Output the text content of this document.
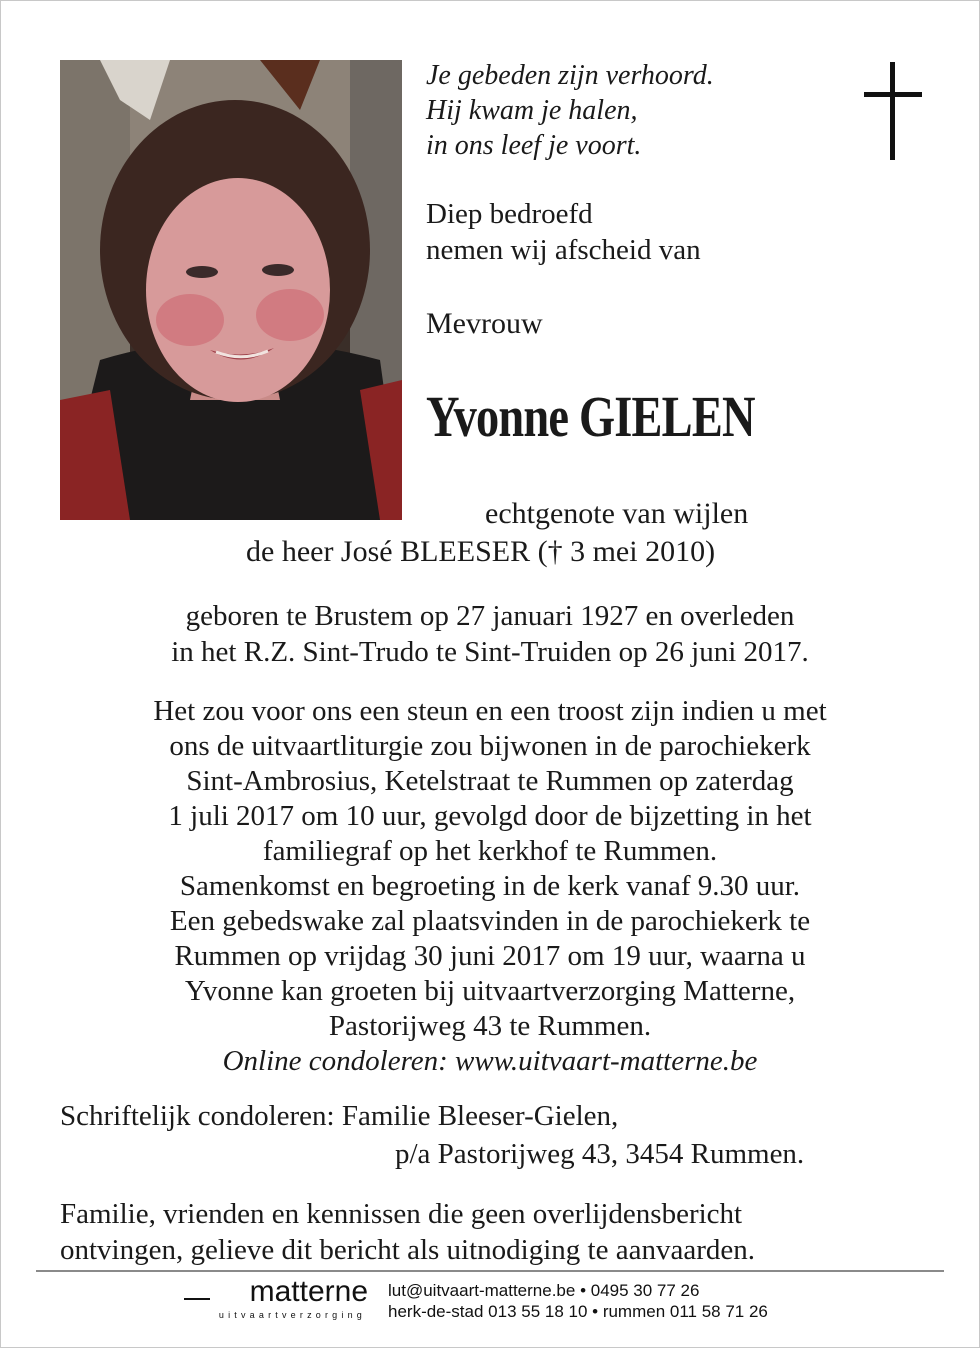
Je gebeden zijn verhoord.
Hij kwam je halen,
in ons leef je voort.
Diep bedroefd
nemen wij afscheid van
Mevrouw
Yvonne GIELEN
echtgenote van wijlen
de heer José BLEESER († 3 mei 2010)
geboren te Brustem op 27 januari 1927 en overleden
in het R.Z. Sint-Trudo te Sint-Truiden op 26 juni 2017.
Het zou voor ons een steun en een troost zijn indien u met
ons de uitvaartliturgie zou bijwonen in de parochiekerk
Sint-Ambrosius, Ketelstraat te Rummen op zaterdag
1 juli 2017 om 10 uur, gevolgd door de bijzetting in het
familiegraf op het kerkhof te Rummen.
Samenkomst en begroeting in de kerk vanaf 9.30 uur.
Een gebedswake zal plaatsvinden in de parochiekerk te
Rummen op vrijdag 30 juni 2017 om 19 uur, waarna u
Yvonne kan groeten bij uitvaartverzorging Matterne,
Pastorijweg 43 te Rummen.
Online condoleren: www.uitvaart-matterne.be
Schriftelijk condoleren: Familie Bleeser-Gielen,
p/a Pastorijweg 43, 3454 Rummen.
Familie, vrienden en kennissen die geen overlijdensbericht
ontvingen, gelieve dit bericht als uitnodiging te aanvaarden.
matterne
uitvaartverzorging
lut@uitvaart-matterne.be • 0495 30 77 26
herk-de-stad 013 55 18 10 • rummen 011 58 71 26
